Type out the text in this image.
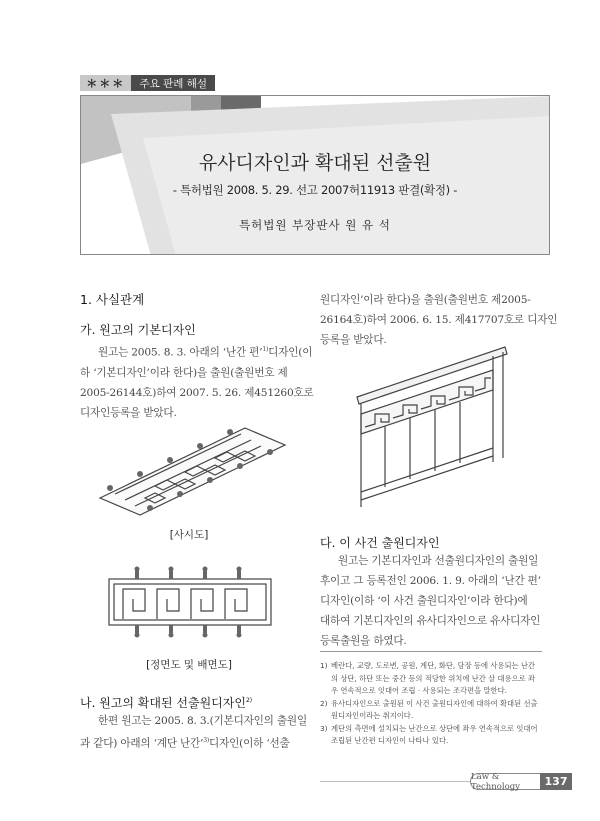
＊＊＊	주요 판례 해설
유사디자인과 확대된 선출원
- 특허법원 2008. 5. 29. 선고 2007허11913 판결(확정) -
특허법원 부장판사 원 유 석
1. 사실관계
가. 원고의 기본디자인
원고는 2005. 8. 3. 아래의 ‘난간 편’$^{1)}$디자인(이
하 ‘기본디자인’이라 한다)을 출원(출원번호 제
2005-26144호)하여 2007. 5. 26. 제451260호로
디자인등록을 받았다.
[사시도]
[정면도 및 배면도]
나. 원고의 확대된 선출원디자인$^{2)}$
한편 원고는 2005. 8. 3.(기본디자인의 출원일
과 같다) 아래의 ‘계단 난간’$^{3)}$디자인(이하 ‘선출
원디자인’이라 한다)을 출원(출원번호 제2005-
26164호)하여 2006. 6. 15. 제417707호로 디자인
등록을 받았다.
다. 이 사건 출원디자인
원고는 기본디자인과 선출원디자인의 출원일
후이고 그 등록전인 2006. 1. 9. 아래의 ‘난간 편’
디자인(이하 ‘이 사건 출원디자인’이라 한다)에
대하여 기본디자인의 유사디자인으로 유사디자인
등록출원을 하였다.
1) 베란다, 교량, 도로변, 공원, 계단, 화단, 담장 등에 사용되는 난간
의 상단, 하단 또는 중간 등의 적당한 위치에 난간 살 대용으로 좌
우 연속적으로 잇대어 조립 · 사용되는 조각편을 말한다.
2) 유사디자인으로 출원된 이 사건 출원디자인에 대하여 확대된 선출
원디자인이라는 취지이다.
3) 계단의 측면에 설치되는 난간으로 상단에 좌우 연속적으로 잇대어
조립된 난간편 디자인이 나타나 있다.
Law & Technology	137
